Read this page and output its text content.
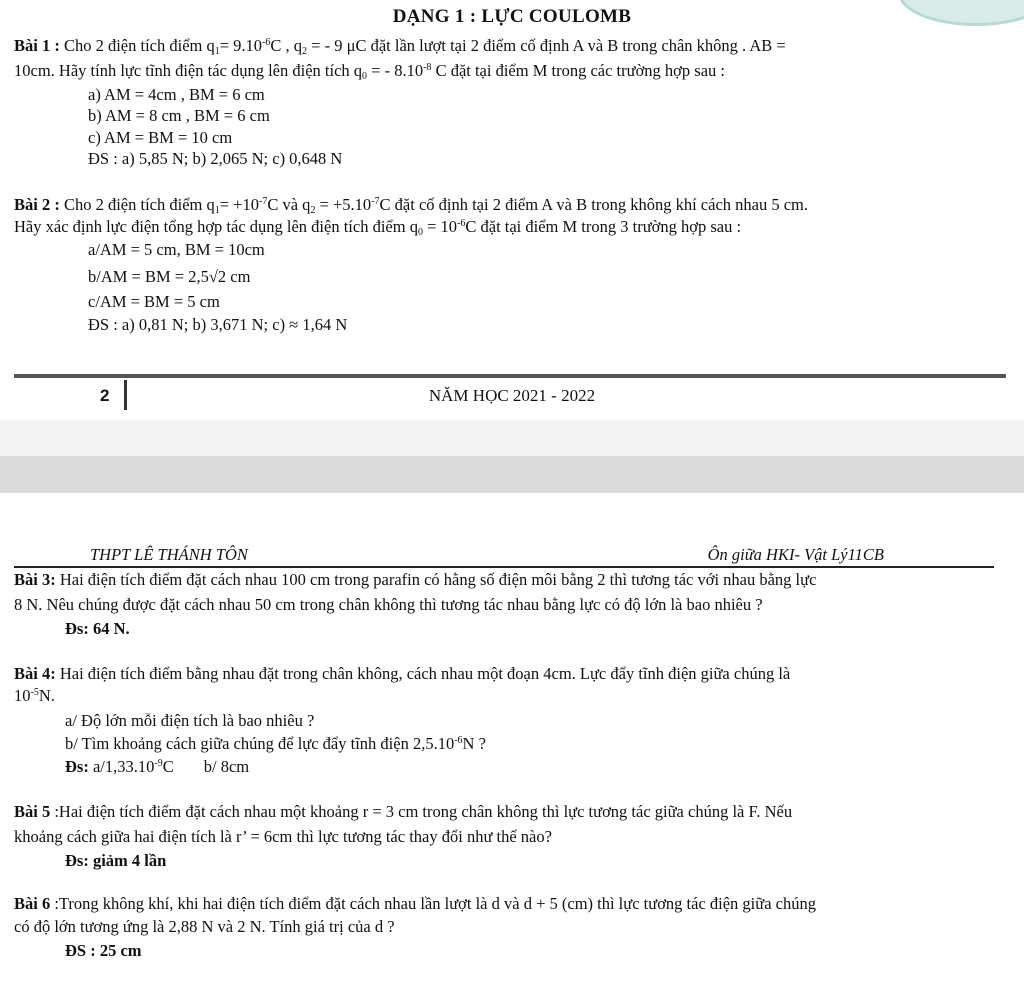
DẠNG 1 : LỰC COULOMB
Bài 1 : Cho 2 điện tích điểm $q_1= 9.10^{-6}C$ , $q_2$ = - 9 μC đặt lần lượt tại 2 điểm cố định A và B trong chân không . AB =
10cm. Hãy tính lực tĩnh điện tác dụng lên điện tích $q_0$ = - $8.10^{-8}$ C đặt tại điểm M trong các trường hợp sau :
a) AM = 4cm , BM = 6 cm
b) AM = 8 cm , BM = 6 cm
c) AM = BM = 10 cm
ĐS : a) 5,85 N; b) 2,065 N; c) 0,648 N
Bài 2 : Cho 2 điện tích điểm $q_1= +10^{-7}C$ và $q_2 = +5.10^{-7}C$ đặt cố định tại 2 điểm A và B trong không khí cách nhau 5 cm.
Hãy xác định lực điện tổng hợp tác dụng lên điện tích điểm $q_0 = 10^{-6}C$ đặt tại điểm M trong 3 trường hợp sau :
a/AM = 5 cm, BM = 10cm
b/AM = BM = 2,5√2 cm
c/AM = BM = 5 cm
ĐS : a) 0,81 N; b) 3,671 N; c) ≈ 1,64 N
2	NĂM HỌC 2021 - 2022
THPT LÊ THÁNH TÔN	Ôn giữa HKI- Vật Lý11CB
Bài 3: Hai điện tích điểm đặt cách nhau 100 cm trong parafin có hằng số điện môi bằng 2 thì tương tác với nhau bằng lực
8 N. Nêu chúng được đặt cách nhau 50 cm trong chân không thì tương tác nhau bằng lực có độ lớn là bao nhiêu ?
Đs: 64 N.
Bài 4: Hai điện tích điểm bằng nhau đặt trong chân không, cách nhau một đoạn 4cm. Lực đẩy tĩnh điện giữa chúng là
$10^{-5}N$.
a/ Độ lớn mỗi điện tích là bao nhiêu ?
b/ Tìm khoảng cách giữa chúng để lực đẩy tĩnh điện $2,5.10^{-6}N$ ?
Đs: $a/1,33.10^{-9}C$ b/ 8cm
Bài 5 :Hai điện tích điểm đặt cách nhau một khoảng r = 3 cm trong chân không thì lực tương tác giữa chúng là F. Nếu
khoảng cách giữa hai điện tích là r’ = 6cm thì lực tương tác thay đổi như thế nào?
Đs: giảm 4 lần
Bài 6 :Trong không khí, khi hai điện tích điểm đặt cách nhau lần lượt là d và d + 5 (cm) thì lực tương tác điện giữa chúng
có độ lớn tương ứng là 2,88 N và 2 N. Tính giá trị của d ?
ĐS : 25 cm
